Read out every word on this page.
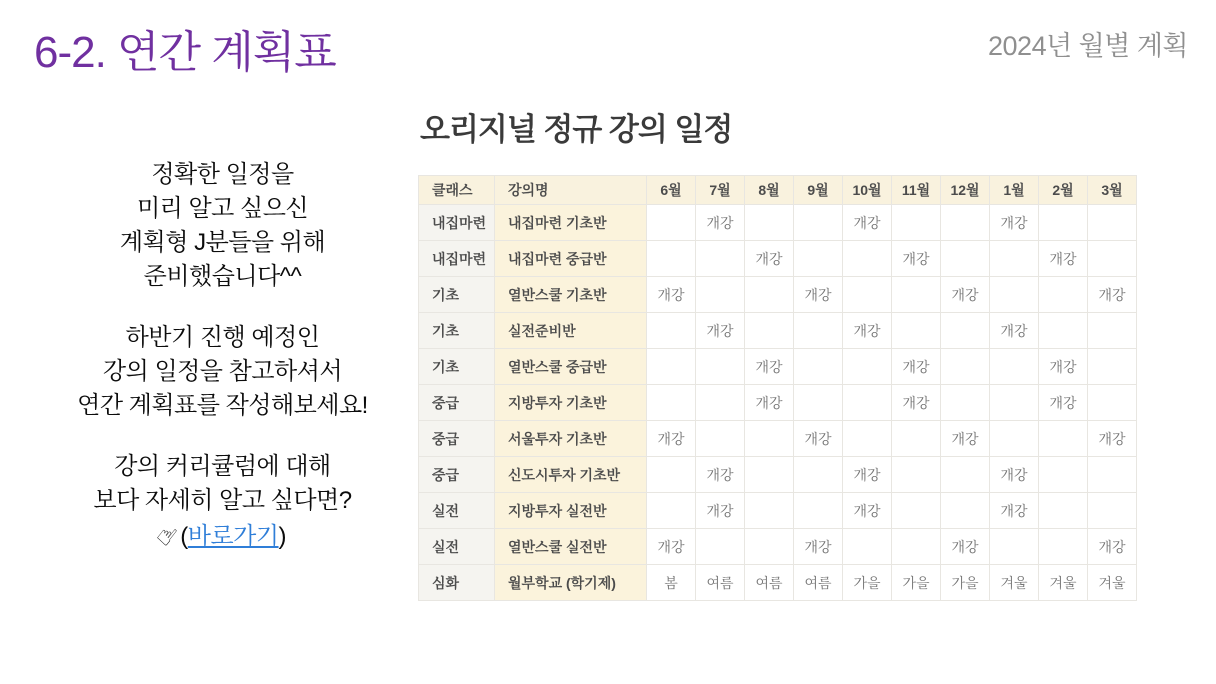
6-2. 연간 계획표	2024년 월별 계획
정확한 일정을
미리 알고 싶으신
계획형 J분들을 위해
준비했습니다^^
하반기 진행 예정인
강의 일정을 참고하셔서
연간 계획표를 작성해보세요!
강의 커리큘럼에 대해
보다 자세히 알고 싶다면?
☝(바로가기)
오리지널 정규 강의 일정
클래스	강의명	6월	7월	8월	9월	10월	11월	12월	1월	2월	3월
내집마련	내집마련 기초반		개강			개강			개강		
내집마련	내집마련 중급반			개강			개강			개강	
기초	열반스쿨 기초반	개강			개강			개강			개강
기초	실전준비반		개강			개강			개강		
기초	열반스쿨 중급반			개강			개강			개강	
중급	지방투자 기초반			개강			개강			개강	
중급	서울투자 기초반	개강			개강			개강			개강
중급	신도시투자 기초반		개강			개강			개강		
실전	지방투자 실전반		개강			개강			개강		
실전	열반스쿨 실전반	개강			개강			개강			개강
심화	월부학교 (학기제)	봄	여름	여름	여름	가을	가을	가을	겨울	겨울	겨울
